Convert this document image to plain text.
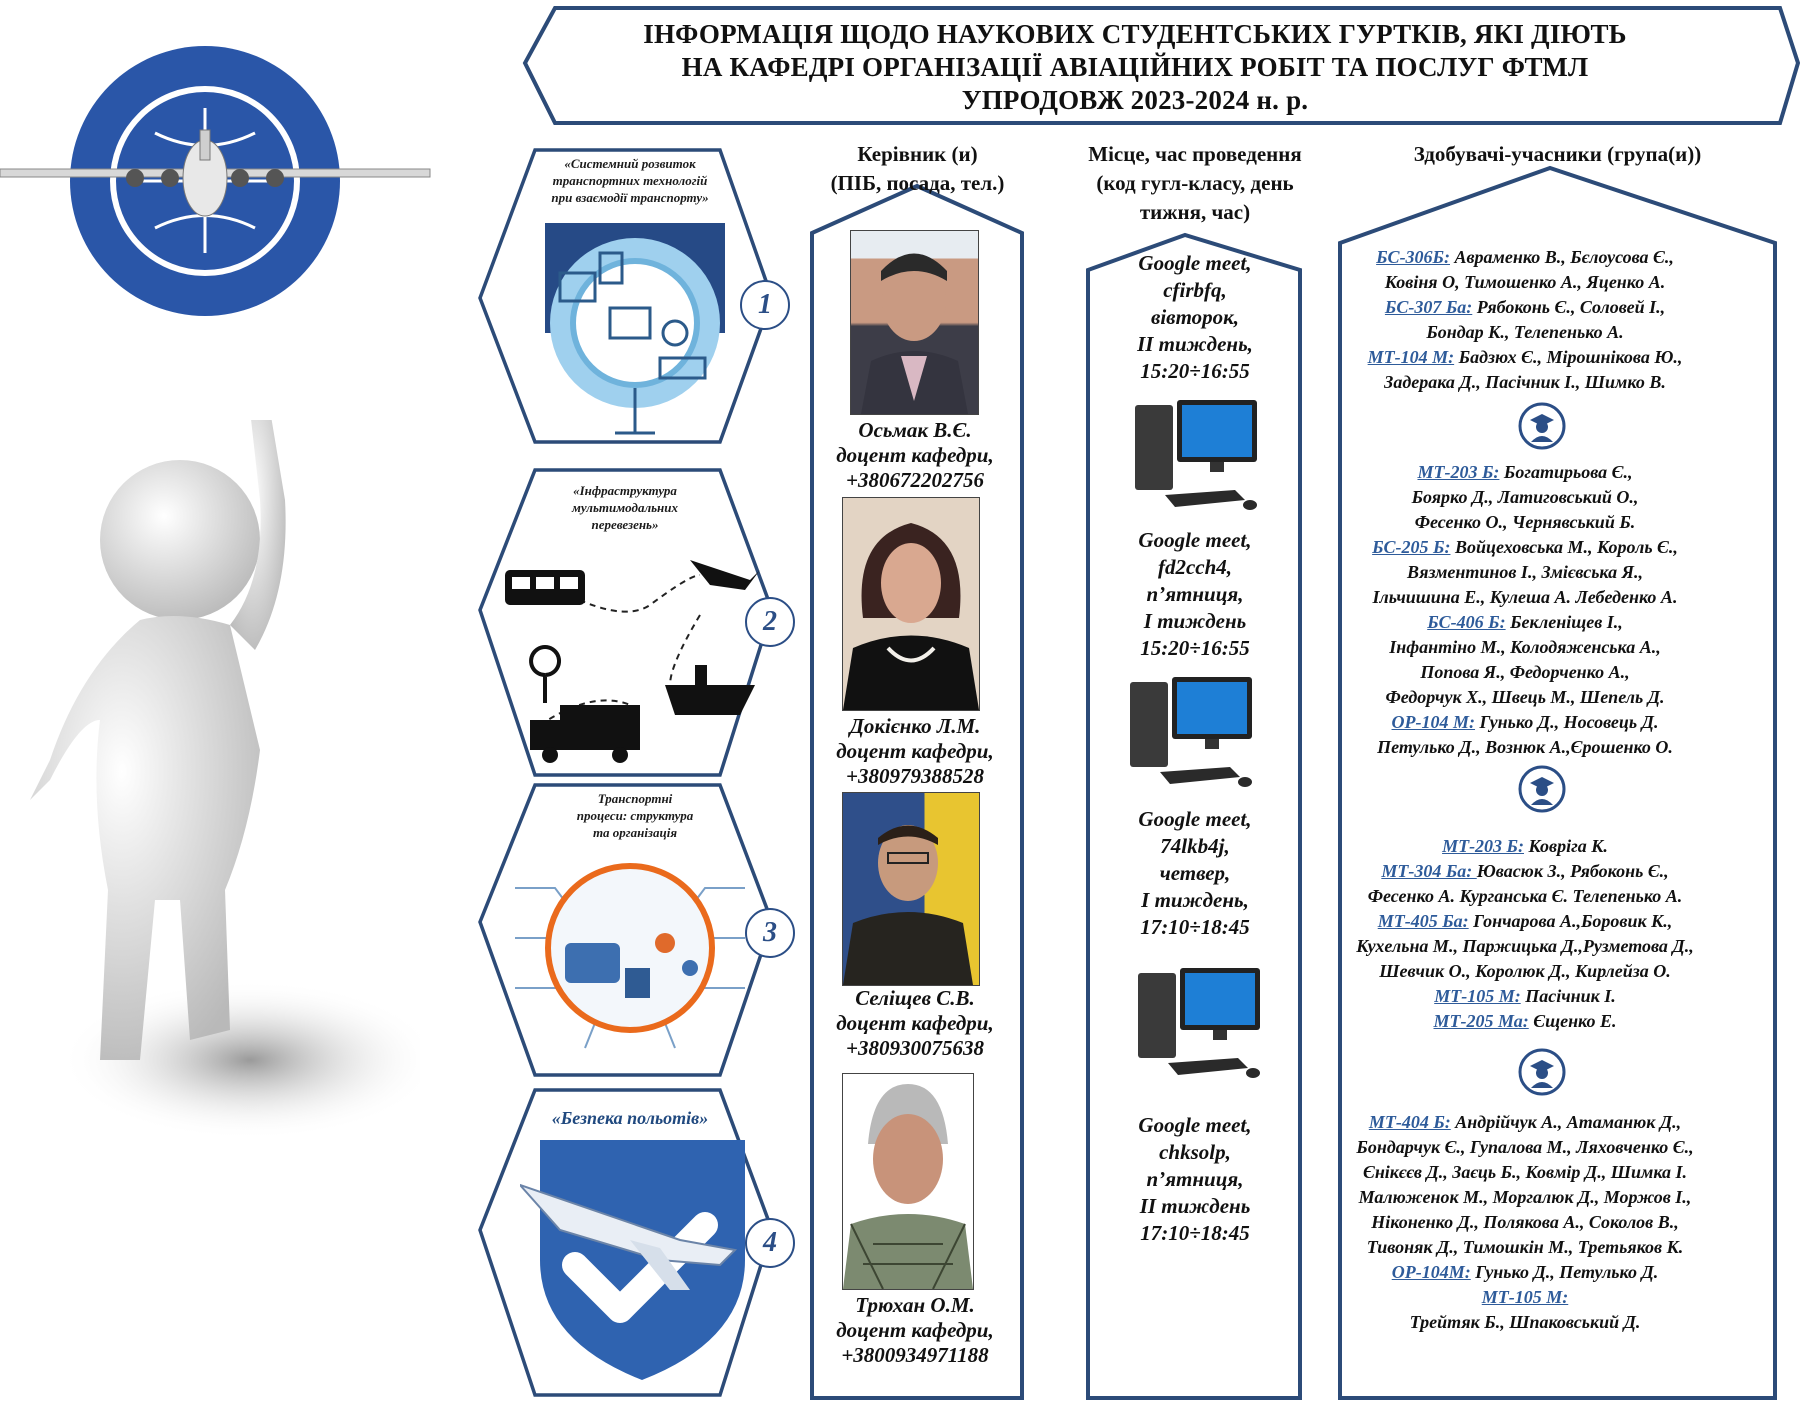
ІНФОРМАЦІЯ ЩОДО НАУКОВИХ СТУДЕНТСЬКИХ ГУРТКІВ, ЯКІ ДІЮТЬ
НА КАФЕДРІ ОРГАНІЗАЦІЇ АВІАЦІЙНИХ РОБІТ ТА ПОСЛУГ ФТМЛ
УПРОДОВЖ 2023-2024 н. р.
Керівник (и)
(ПІБ, посада, тел.)
Місце, час проведення
(код гугл-класу, день
тижня, час)
Здобувачі-учасники (група(и))
«Системний розвиток
транспортних технологій
при взаємодії транспорту»
1
«Інфраструктура
мультимодальних
перевезень»
2
Транспортні
процеси: структура
та організація
3
«Безпека польотів»
4
Осьмак В.Є.
доцент кафедри,
+380672202756
Докієнко Л.М.
доцент кафедри,
+380979388528
Селіщев С.В.
доцент кафедри,
+380930075638
Трюхан О.М.
доцент кафедри,
+3800934971188
Google meet,
cfirbfq,
вівторок,
ІІ тиждень,
15:20÷16:55
Google meet,
fd2cch4,
п’ятниця,
І тиждень
15:20÷16:55
Google meet,
74lkb4j,
четвер,
І тиждень,
17:10÷18:45
Google meet,
chksolp,
п’ятниця,
ІІ тиждень
17:10÷18:45
БС-306Б: Авраменко В., Бєлоусова Є.,
Ковіня О, Тимошенко А., Яценко А.
БС-307 Ба: Рябоконь Є., Соловей І.,
Бондар К., Телепенько А.
МТ-104 М: Бадзюх Є., Мірошнікова Ю.,
Задерака Д., Пасічник І., Шимко В.
МТ-203 Б: Богатирьова Є.,
Боярко Д., Латиговський О.,
Фесенко О., Чернявський Б.
БС-205 Б: Войцеховська М., Король Є.,
Вязментинов І., Змієвська Я.,
Ільчишина Е., Кулеша А. Лебеденко А.
БС-406 Б: Бекленіщев І.,
Інфантіно М., Колодяженська А.,
Попова Я., Федорченко А.,
Федорчук Х., Швець М., Шепель Д.
ОР-104 М: Гунько Д., Носовець Д.
Петулько Д., Вознюк А.,Єрошенко О.
МТ-203 Б: Ковріга К.
МТ-304 Ба: Ювасюк З., Рябоконь Є.,
Фесенко А. Курганська Є. Телепенько А.
МТ-405 Ба: Гончарова А.,Боровик К.,
Кухельна М., Паржицька Д.,Рузметова Д.,
Шевчик О., Королюк Д., Кирлейза О.
МТ-105 М: Пасічник І.
МТ-205 Ма: Єщенко Е.
МТ-404 Б: Андрійчук А., Атаманюк Д.,
Бондарчук Є., Гупалова М., Ляховченко Є.,
Єнікєєв Д., Заєць Б., Ковмір Д., Шимка І.
Малюженок М., Моргалюк Д., Моржов І.,
Ніконенко Д., Полякова А., Соколов В.,
Тивоняк Д., Тимошкін М., Третьяков К.
ОР-104М: Гунько Д., Петулько Д.
МТ-105 М:
Трейтяк Б., Шпаковський Д.
